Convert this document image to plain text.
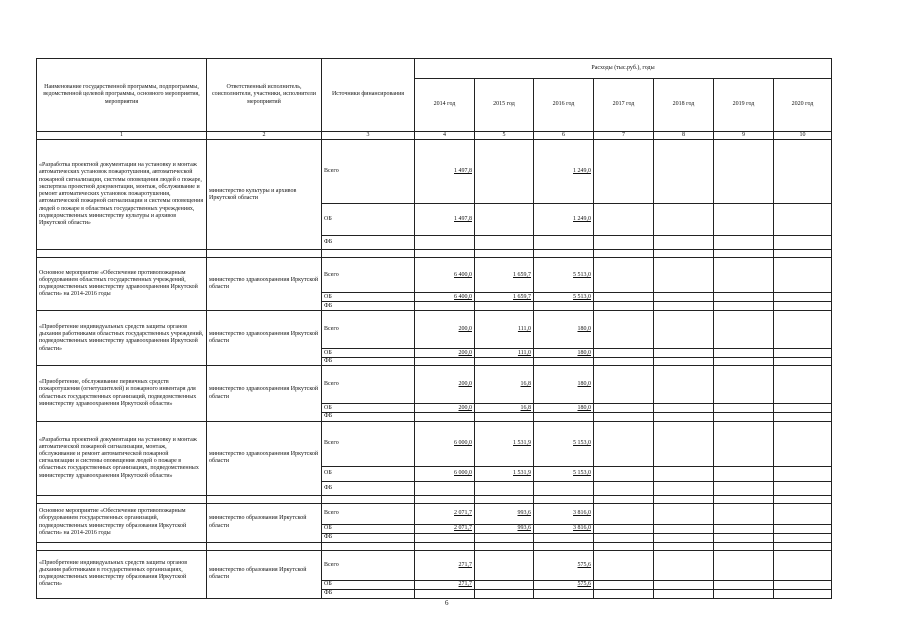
Наименование государственной программы, подпрограммы, ведомственной целевой программы, основного мероприятия, мероприятия	Ответственный исполнитель, соисполнители, участники, исполнители мероприятий	Источники финансирования	Расходы (тыс.руб.), годы						
			2014 год	2015 год	2016 год	2017 год	2018 год	2019 год	2020 год
1	2	3	4	5	6	7	8	9	10
«Разработка проектной документации на установку и монтаж автоматических установок пожаротушения, автоматической пожарной сигнализации, системы оповещения людей о пожаре, экспертиза проектной документации, монтаж, обслуживание и ремонт автоматических установок пожаротушения, автоматической пожарной сигнализации и системы оповещения людей о пожаре в областных государственных учреждениях, подведомственных министерству культуры и архивов Иркутской области»	министерство культуры и архивов Иркутской области	Всего	1 497,8		1 249,0				
		ОБ	1 497,8		1 249,0				
		ФБ							

Основное мероприятие «Обеспечение противопожарным оборудованием областных государственных учреждений, подведомственных министерству здравоохранения Иркутской области» на 2014-2016 годы	министерство здравоохранения Иркутской области	Всего	6 400,0	1 659,7	5 513,0				
		ОБ	6 400,0	1 659,7	5 513,0				
		ФБ							
«Приобретение индивидуальных средств защиты органов дыхания работниками областных государственных учреждений, подведомственных министерству здравоохранения Иркутской области»	министерство здравоохранения Иркутской области	Всего	200,0	111,0	180,0				
		ОБ	200,0	111,0	180,0				
		ФБ							
«Приобретение, обслуживание первичных средств пожаротушения (огнетушителей) и пожарного инвентаря для областных государственных организаций, подведомственных министерству здравоохранения Иркутской области»	министерство здравоохранения Иркутской области	Всего	200,0	16,8	180,0				
		ОБ	200,0	16,8	180,0				
		ФБ							
«Разработка проектной документации на установку и монтаж автоматической пожарной сигнализации, монтаж, обслуживание и ремонт автоматической пожарной сигнализации и системы оповещения людей о пожаре в областных государственных организациях, подведомственных министерству здравоохранения Иркутской области»	министерство здравоохранения Иркутской области	Всего	6 000,0	1 531,9	5 153,0				
		ОБ	6 000,0	1 531,9	5 153,0				
		ФБ							

Основное мероприятие «Обеспечение противопожарным оборудованием государственных организаций, подведомственных министерству образования Иркутской области» на 2014-2016 годы	министерство образования Иркутской области	Всего	2 071,7	993,6	3 816,0				
		ОБ	2 071,7	993,6	3 816,0				
		ФБ							

«Приобретение индивидуальных средств защиты органов дыхания работниками в государственных организациях, подведомственных министерству образования Иркутской области»	министерство образования Иркутской области	Всего	271,7		575,6				
		ОБ	271,7		575,6				
		ФБ							
6
